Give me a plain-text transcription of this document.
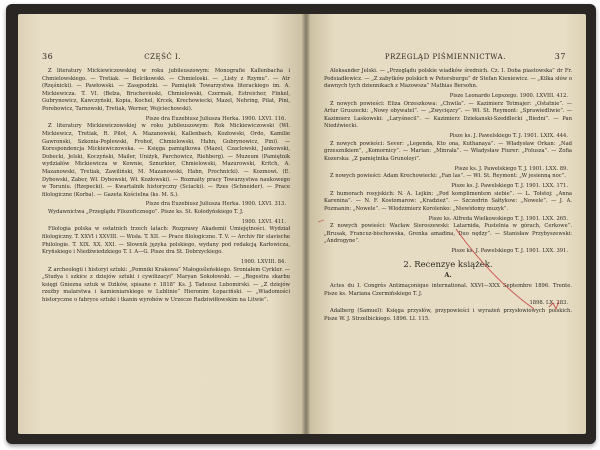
36	CZĘŚĆ I.

Z literatury Mickiewiczowskiej w roku jubileuszowym: Monografie Kallenbacha i Chmielowskiego. — Tretiak. — Belcikowski. — Chmieloski. — „Listy z Rzymu”. — Atr (Rzęśnicki). — Pawłowski. — Zasępodzki. — Pamiątek Towarzystwa literackiego im. A. Mickiewicza. T. VI. (Bełza, Brucheviuski, Chmielowski, Czermak, Estreicher, Finkel, Gubrynowicz, Kawczyński, Kopia, Kochel, Krcek, Krechowiecki, Mazel, Nehring, Pilat, Pini, Porebowicz, Tarnowski, Tretiak, Werner, Wojciechowski).

Pisze dra Euzebiusz Juliusza Herka. 1900. LXVI. 116.

Z literatury Mickiewiczowskiej w roku jubileuszowym: Rok Mickiewiczowski (Wł. Mickiewicz, Tretiak, R. Pilot, A. Mazanowski, Kallenbach, Kozłowski, Ordo, Kamilie Gawronski, Szkonia-Poplewski, Frohof, Chmielowski, Hahn, Gubrynowicz, Pini). — Korespondencja Mickiewiczowska. — Księga pamiątkowa (Mazel, Czaclowski, Jankowski, Dobecki, Jelski, Koczyński, Mailer, Uniżyk, Parchowicz, Riehberg). — Muzeum (Pamiętnik wydziałów Mickiewicza w Kownie, Sznurkier, Chmielowski, Mazurowski, Kritch, A. Mazanowski, Tretiak, Zawiliński, M. Mazanowski, Hahn, Prochnicki). — Kozmowi. (E. Dybowski, Zaber, Wł. Dybowski, Wł. Kozłowski). — Rozmaity pracy Towarzystwa naukowego w Toruniu. (Rzepecki). — Kwartalnik historyczny (Sciacki). — Rzes (Schneider). — Prace filologiczne (Korba). — Gazeta Kościelna (ks. M. S.).

Pisze dra Euzebiusz Juliusza Herka. 1900. LXVI. 313.

Wydawnictwa „Przeglądu Filozoficznego”. Pisze ks. St. Kołodyńskiego T. J.

1900. LXVI. 411.

Filologia polska w ostatnich trzech latach: Rozprawy Akademii Umiejętności. Wydział filologiczny. T. XXVI i XXVIII. — Wisła. T. XII. — Prace filologiczne. T. V. — Archiv für slavische Philologie. T. XIX. XX. XXI. — Słownik języka polskiego, wydany pod redakcją Karłowicza, Kryńskiego i Niedźwiedzkiego T. I. A—G. Pisze dra St. Dobrzyckiego.

1900. LXVIII. 84.

Z archeologii i historyi sztuki: „Pomniki Krakowa” Małogośleńskiego. Sroniałem Cyrkler. — „Studya i szkice z dziejów sztuki i cywilizacyi” Maryan Sokołowski. — „Regestra skarbu księgi Gniezna sztuk w Dzików, spisane r. 1818” Ks. J. Tadeusz Lubomirski. — „Z dziejów rzeźby malarstwa i kamieniarskiego w Lublinie” Hieronim Łopaciński. — „Wiadomości historyczne o fabryce sztuki i tkanin wyrobów w Urzecze Radziwiłłowskim na Litwie”.

PRZEGLĄD PIŚMIENNICTWA.	37

Aleksander Jelski. — „Przeglądu polskie wiadków średnich. Cz. I. Doba piastowska” dr Fr. Podsiadłewicz. — „Z zabytków polskich w Petersburgu” dr Stefan Kieniewicz. — „Kilka słów o dawnych tych dziennikach z Mazowsza” Mathias Bersohn.

Pisze Leonardo Lepszego. 1900. LXVIII. 412.

Z nowych powieści: Eliza Orzeszkowa: „Chwila”. — Kazimierz Tetmajer: „Ostatnie”. — Artur Gruszecki: „Nowy obywatel”. — „Zwycięzcy”. — Wł. St. Reymont: „Sprawiedliwie”. — Kazimierz Laskowski: „Laryśnecil”. — Kazimierz Dziekanski-Szeddlecki „Biedni”. — Pan Niedźwiecki.

Pisze ks. J. Pawelskiego T. J. 1901. LXIX. 444.

Z nowych powieści: Sever: „Legenda, Kto ona, Kuthanaya”. — Władysław Orkan: „Nad grzesznikiem”, „Komornicy”. — Marian: „Minrała”. — Władysław Fiurer: „Folusza”. — Zofia Kozerska: „Z pamiętnika Grunoloyi”.

Pisze ks. J. Pawelskiego T. J. 1901. LXX. 89.

Z nowych powieści: Adam Krechowiecki: „Fan las”. — Wł. St. Reymont: „W jesienną noc”.

Pisze ks. J. Pawelskiego T. J. 1901. LXX. 171.

Z humorach rosyjskich: N. A. Lejkin: „Pod komplimentem siebie”. — L. Tołstoj: „Anna Karenina”. — N. F. Kostomarow: „Kradzież”. — Szczedrin Sałtykow: „Nowele”. — J. A. Pozmanin: „Nowele”. — Włodzimierz Korolenko: „Niewidomy muzyk”.

Pisze ks. Alfreda Wielkowskiego T. J. 1901. LXX. 265.

Z nowych powieści: Wacław Sieroszewski: Latarnida, Pustelnia w górach, Cerkowe”. „Brusak, Francuz-bischowska, Grenka amadina, Duo nędzy”. — Stanisław Przybyszewski: „Androgyne”.

Pisze ks. J. Pawelskiego T. J. 1901. LXX. 391.

2. Recenzye książek.
A.

Actes du I. Congrès Antimaçonique international. XXVI—XXX Septembre 1896. Trente. Pisze ks. Mariana Czermińskiego T. J.

1898. LX. 283.

Adalberg (Samuel): Księga przysłów, przypowieści i wyrażeń przysłowiowych polskich. Pisze W. J. Strzelbickiego. 1896. LI. 115.
